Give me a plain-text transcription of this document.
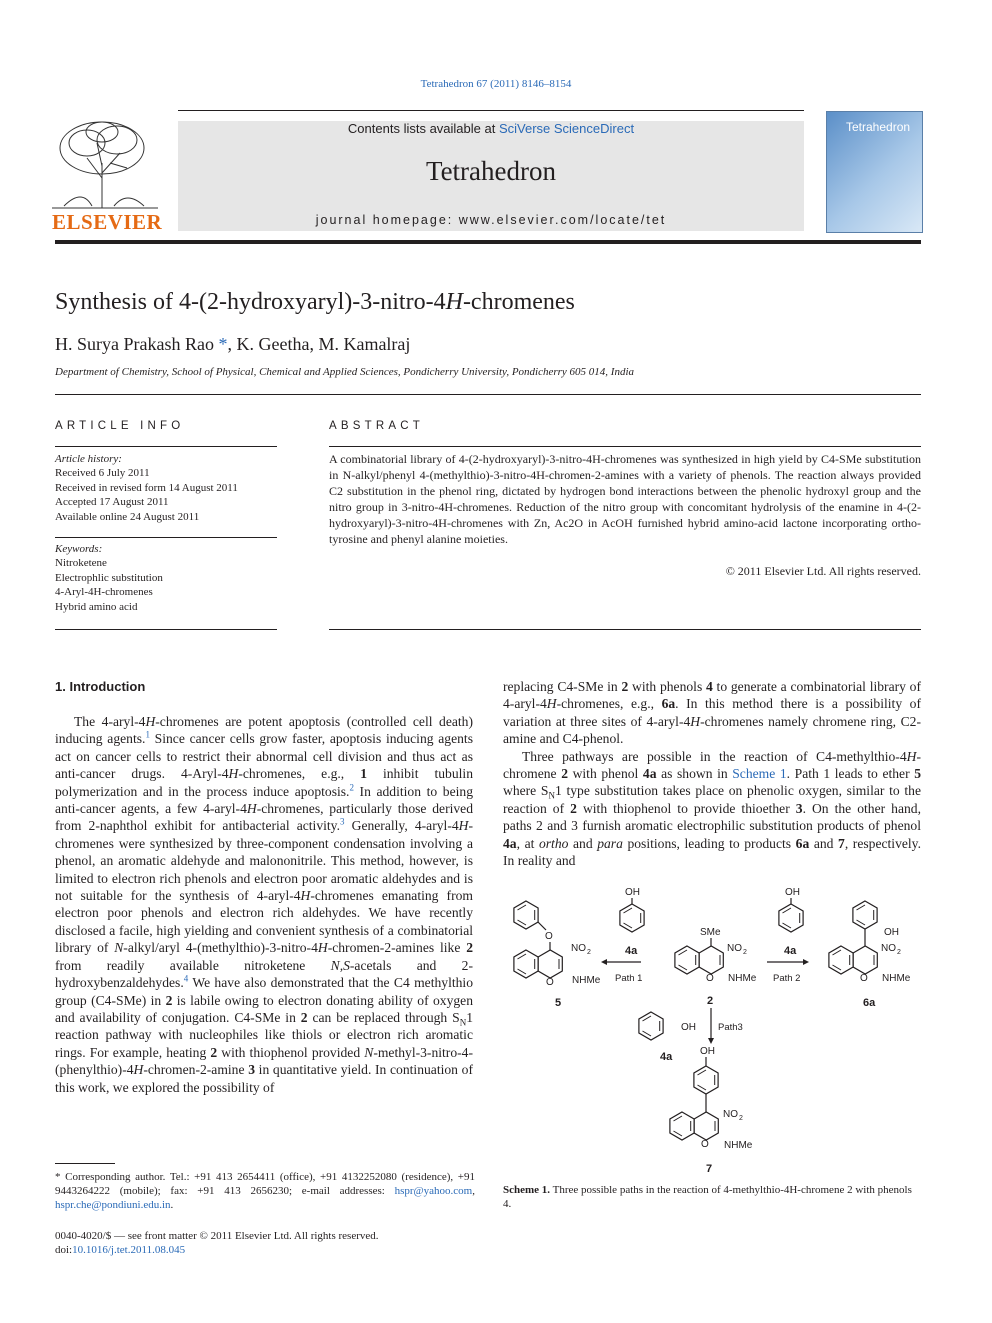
Tetrahedron 67 (2011) 8146–8154
ELSEVIER
Contents lists available at SciVerse ScienceDirect
Tetrahedron
journal homepage: www.elsevier.com/locate/tet
Tetrahedron
Synthesis of 4-(2-hydroxyaryl)-3-nitro-4H-chromenes
H. Surya Prakash Rao *, K. Geetha, M. Kamalraj
Department of Chemistry, School of Physical, Chemical and Applied Sciences, Pondicherry University, Pondicherry 605 014, India
ARTICLE INFO	ABSTRACT
Article history:
Received 6 July 2011
Received in revised form 14 August 2011
Accepted 17 August 2011
Available online 24 August 2011
Keywords:
Nitroketene
Electrophlic substitution
4-Aryl-4H-chromenes
Hybrid amino acid
A combinatorial library of 4-(2-hydroxyaryl)-3-nitro-4H-chromenes was synthesized in high yield by C4-SMe substitution in N-alkyl/phenyl 4-(methylthio)-3-nitro-4H-chromen-2-amines with a variety of phenols. The reaction always provided C2 substitution in the phenol ring, dictated by hydrogen bond interactions between the phenolic hydroxyl group and the nitro group in 3-nitro-4H-chromenes. Reduction of the nitro group with concomitant hydrolysis of the enamine in 4-(2-hydroxyaryl)-3-nitro-4H-chromenes with Zn, Ac2O in AcOH furnished hybrid amino-acid lactone incorporating ortho-tyrosine and phenyl alanine moieties.
© 2011 Elsevier Ltd. All rights reserved.
1. Introduction

The 4-aryl-4H-chromenes are potent apoptosis (controlled cell death) inducing agents.$^1$ Since cancer cells grow faster, apoptosis inducing agents act on cancer cells to restrict their abnormal cell division and thus act as anti-cancer drugs. 4-Aryl-4H-chromenes, e.g., 1 inhibit tubulin polymerization and in the process induce apoptosis.$^2$ In addition to being anti-cancer agents, a few 4-aryl-4H-chromenes, particularly those derived from 2-naphthol exhibit for antibacterial activity.$^3$ Generally, 4-aryl-4H-chromenes were synthesized by three-component condensation involving a phenol, an aromatic aldehyde and malononitrile. This method, however, is limited to electron rich phenols and electron poor aromatic aldehydes and is not suitable for the synthesis of 4-aryl-4H-chromenes emanating from electron poor phenols and electron rich aldehydes. We have recently disclosed a facile, high yielding and convenient synthesis of a combinatorial library of N-alkyl/aryl 4-(methylthio)-3-nitro-4H-chromen-2-amines like 2 from readily available nitroketene N,S-acetals and 2-hydroxybenzaldehydes.$^4$ We have also demonstrated that the C4 methylthio group (C4-SMe) in 2 is labile owing to electron donating ability of oxygen and availability of conjugation. C4-SMe in 2 can be replaced through $S_N1$ reaction pathway with nucleophiles like thiols or electron rich aromatic rings. For example, heating 2 with thiophenol provided N-methyl-3-nitro-4-(phenylthio)-4H-chromen-2-amine 3 in quantitative yield. In continuation of this work, we explored the possibility of

replacing C4-SMe in 2 with phenols 4 to generate a combinatorial library of 4-aryl-4H-chromenes, e.g., 6a. In this method there is a possibility of variation at three sites of 4-aryl-4H-chromenes namely chromene ring, C2-amine and C4-phenol.

Three pathways are possible in the reaction of C4-methylthio-4H-chromene 2 with phenol 4a as shown in Scheme 1. Path 1 leads to ether 5 where $S_N1$ type substitution takes place on phenolic oxygen, similar to the reaction of 2 with thiophenol to provide thioether 3. On the other hand, paths 2 and 3 furnish aromatic electrophilic substitution products of phenol 4a, at ortho and para positions, leading to products 6a and 7, respectively. In reality and

O
NO 2
NHMe
O
5
OH
4a
Path 1
SMe
NO 2
NHMe
O
2
OH
4a
Path 2
OH
NO 2
NHMe
O
6a
Path3
OH
4a	OH
NO 2
NHMe
O
7
Scheme 1. Three possible paths in the reaction of 4-methylthio-4H-chromene 2 with phenols 4.
* Corresponding author. Tel.: +91 413 2654411 (office), +91 4132252080 (residence), +91 9443264222 (mobile); fax: +91 413 2656230; e-mail addresses: hspr@yahoo.com, hspr.che@pondiuni.edu.in.
0040-4020/$ — see front matter © 2011 Elsevier Ltd. All rights reserved.
doi:10.1016/j.tet.2011.08.045
